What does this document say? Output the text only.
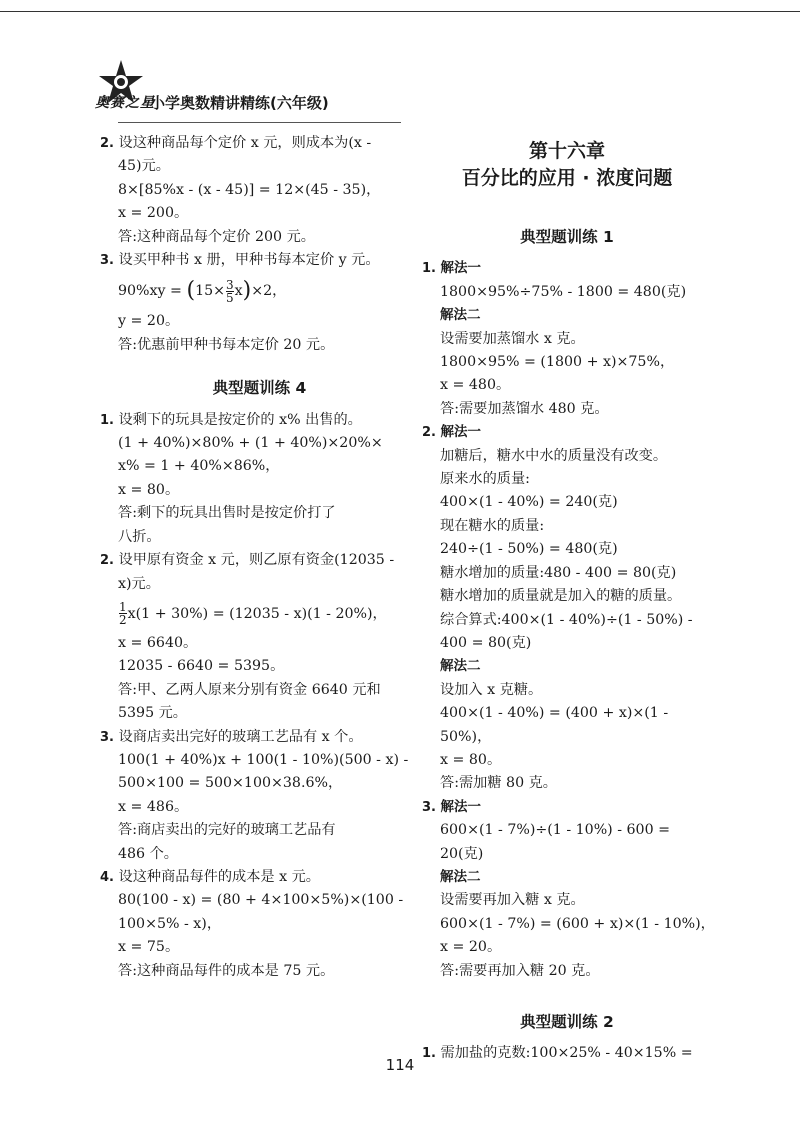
奥赛之星
小学奥数精讲精练(六年级)
2. 设这种商品每个定价 x 元，则成本为(x -
45)元。
8×[85%x - (x - 45)] = 12×(45 - 35)，
x = 200。
答:这种商品每个定价 200 元。
3. 设买甲种书 x 册，甲种书每本定价 y 元。
$90\%xy = (15\times \frac{3}{5} x)\times 2$，
y = 20。
答:优惠前甲种书每本定价 20 元。
典型题训练 4
1. 设剩下的玩具是按定价的 x% 出售的。
(1 + 40%)×80% + (1 + 40%)×20%×
x% = 1 + 40%×86%，
x = 80。
答:剩下的玩具出售时是按定价打了
八折。
2. 设甲原有资金 x 元，则乙原有资金(12035 -
x)元。
$\frac{1}{2} x(1 + 30\%) = (12035 - x)(1 - 20\%)$，
x = 6640。
12035 - 6640 = 5395。
答:甲、乙两人原来分别有资金 6640 元和
5395 元。
3. 设商店卖出完好的玻璃工艺品有 x 个。
100(1 + 40%)x + 100(1 - 10%)(500 - x) -
500×100 = 500×100×38.6%，
x = 486。
答:商店卖出的完好的玻璃工艺品有
486 个。
4. 设这种商品每件的成本是 x 元。
80(100 - x) = (80 + 4×100×5%)×(100 -
100×5% - x)，
x = 75。
答:这种商品每件的成本是 75 元。
第十六章
百分比的应用 · 浓度问题
典型题训练 1
1. 解法一
1800×95%÷75% - 1800 = 480(克)
解法二
设需要加蒸馏水 x 克。
1800×95% = (1800 + x)×75%，
x = 480。
答:需要加蒸馏水 480 克。
2. 解法一
加糖后，糖水中水的质量没有改变。
原来水的质量:
400×(1 - 40%) = 240(克)
现在糖水的质量:
240÷(1 - 50%) = 480(克)
糖水增加的质量:480 - 400 = 80(克)
糖水增加的质量就是加入的糖的质量。
综合算式:400×(1 - 40%)÷(1 - 50%) -
400 = 80(克)
解法二
设加入 x 克糖。
400×(1 - 40%) = (400 + x)×(1 -
50%)，
x = 80。
答:需加糖 80 克。
3. 解法一
600×(1 - 7%)÷(1 - 10%) - 600 =
20(克)
解法二
设需要再加入糖 x 克。
600×(1 - 7%) = (600 + x)×(1 - 10%)，
x = 20。
答:需要再加入糖 20 克。
典型题训练 2
1. 需加盐的克数:100×25% - 40×15% =
114
